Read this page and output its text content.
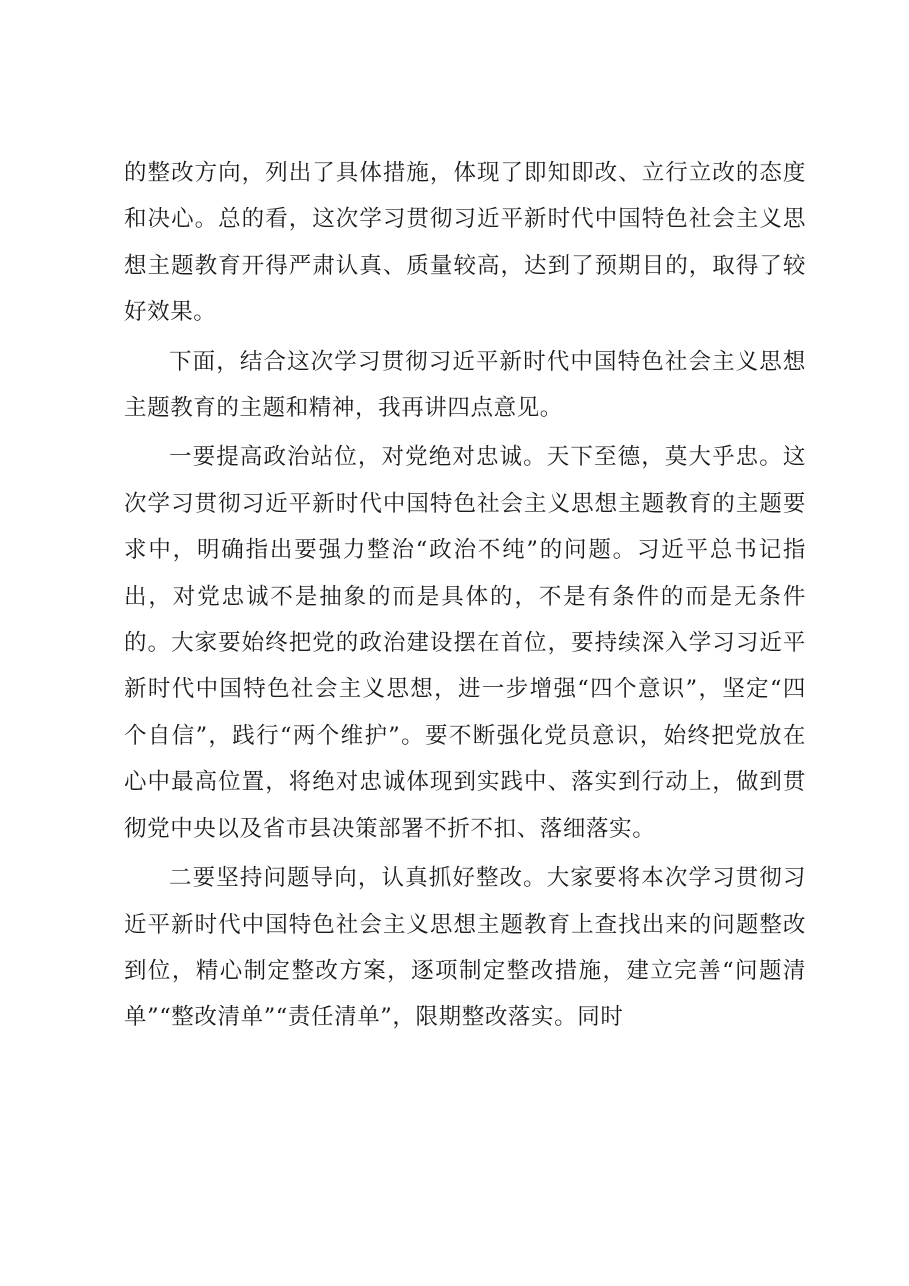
的整改方向，列出了具体措施，体现了即知即改、立行立改的态度和决心。总的看，这次学习贯彻习近平新时代中国特色社会主义思想主题教育开得严肃认真、质量较高，达到了预期目的，取得了较好效果。

下面，结合这次学习贯彻习近平新时代中国特色社会主义思想主题教育的主题和精神，我再讲四点意见。

一要提高政治站位，对党绝对忠诚。天下至德，莫大乎忠。这次学习贯彻习近平新时代中国特色社会主义思想主题教育的主题要求中，明确指出要强力整治“政治不纯”的问题。习近平总书记指出，对党忠诚不是抽象的而是具体的，不是有条件的而是无条件的。大家要始终把党的政治建设摆在首位，要持续深入学习习近平新时代中国特色社会主义思想，进一步增强“四个意识”，坚定“四个自信”，践行“两个维护”。要不断强化党员意识，始终把党放在心中最高位置，将绝对忠诚体现到实践中、落实到行动上，做到贯彻党中央以及省市县决策部署不折不扣、落细落实。

二要坚持问题导向，认真抓好整改。大家要将本次学习贯彻习近平新时代中国特色社会主义思想主题教育上查找出来的问题整改到位，精心制定整改方案，逐项制定整改措施，建立完善“问题清单”“整改清单”“责任清单”，限期整改落实。同时
